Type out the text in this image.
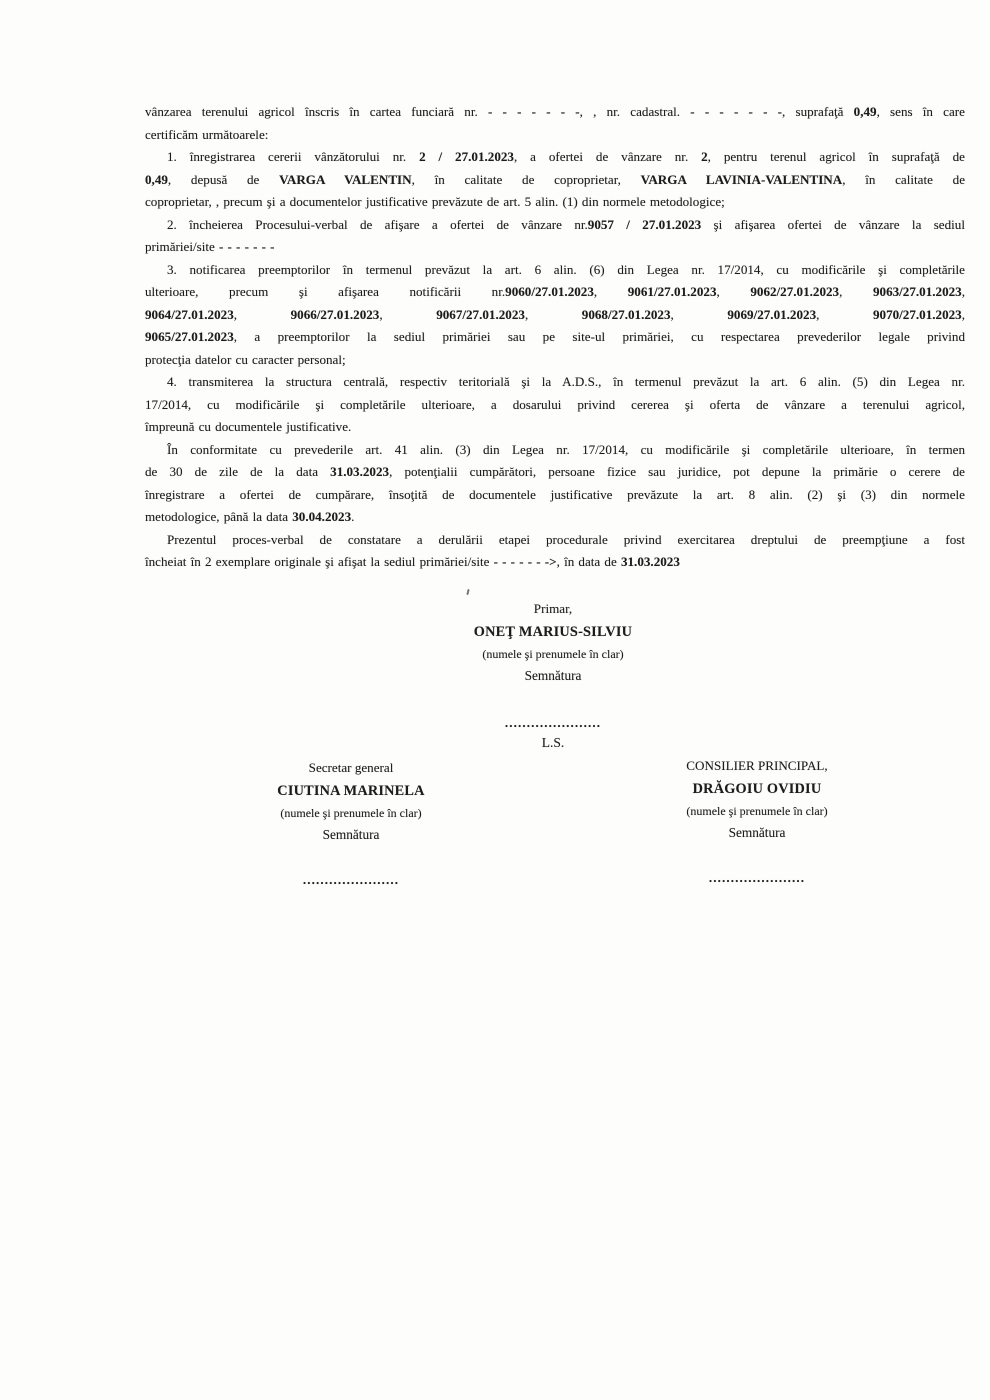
vânzarea terenului agricol înscris în cartea funciară nr. - - - - - - -, , nr. cadastral. - - - - - - -, suprafaţă 0,49, sens în care
certificăm următoarele:
1. înregistrarea cererii vânzătorului nr. 2 / 27.01.2023, a ofertei de vânzare nr. 2, pentru terenul agricol în suprafaţă de
0,49, depusă de VARGA VALENTIN, în calitate de coproprietar, VARGA LAVINIA-VALENTINA, în calitate de
coproprietar, , precum şi a documentelor justificative prevăzute de art. 5 alin. (1) din normele metodologice;
2. încheierea Procesului-verbal de afişare a ofertei de vânzare nr.9057 / 27.01.2023 şi afişarea ofertei de vânzare la sediul
primăriei/site - - - - - - -
3. notificarea preemptorilor în termenul prevăzut la art. 6 alin. (6) din Legea nr. 17/2014, cu modificările şi completările
ulterioare, precum şi afişarea notificării nr.9060/27.01.2023, 9061/27.01.2023, 9062/27.01.2023, 9063/27.01.2023,
9064/27.01.2023, 9066/27.01.2023, 9067/27.01.2023, 9068/27.01.2023, 9069/27.01.2023, 9070/27.01.2023,
9065/27.01.2023, a preemptorilor la sediul primăriei sau pe site-ul primăriei, cu respectarea prevederilor legale privind
protecţia datelor cu caracter personal;
4. transmiterea la structura centrală, respectiv teritorială şi la A.D.S., în termenul prevăzut la art. 6 alin. (5) din Legea nr.
17/2014, cu modificările şi completările ulterioare, a dosarului privind cererea şi oferta de vânzare a terenului agricol,
împreună cu documentele justificative.
În conformitate cu prevederile art. 41 alin. (3) din Legea nr. 17/2014, cu modificările şi completările ulterioare, în termen
de 30 de zile de la data 31.03.2023, potenţialii cumpărători, persoane fizice sau juridice, pot depune la primărie o cerere de
înregistrare a ofertei de cumpărare, însoţită de documentele justificative prevăzute la art. 8 alin. (2) şi (3) din normele
metodologice, până la data 30.04.2023.
Prezentul proces-verbal de constatare a derulării etapei procedurale privind exercitarea dreptului de preempţiune a fost
încheiat în 2 exemplare originale şi afişat la sediul primăriei/site - - - - - - ->, în data de 31.03.2023
Primar,
ONEŢ MARIUS-SILVIU
(numele şi prenumele în clar)
Semnătura
......................
L.S.
Secretar general
CIUTINA MARINELA
(numele şi prenumele în clar)
Semnătura
......................
CONSILIER PRINCIPAL,
DRĂGOIU OVIDIU
(numele şi prenumele în clar)
Semnătura
......................
